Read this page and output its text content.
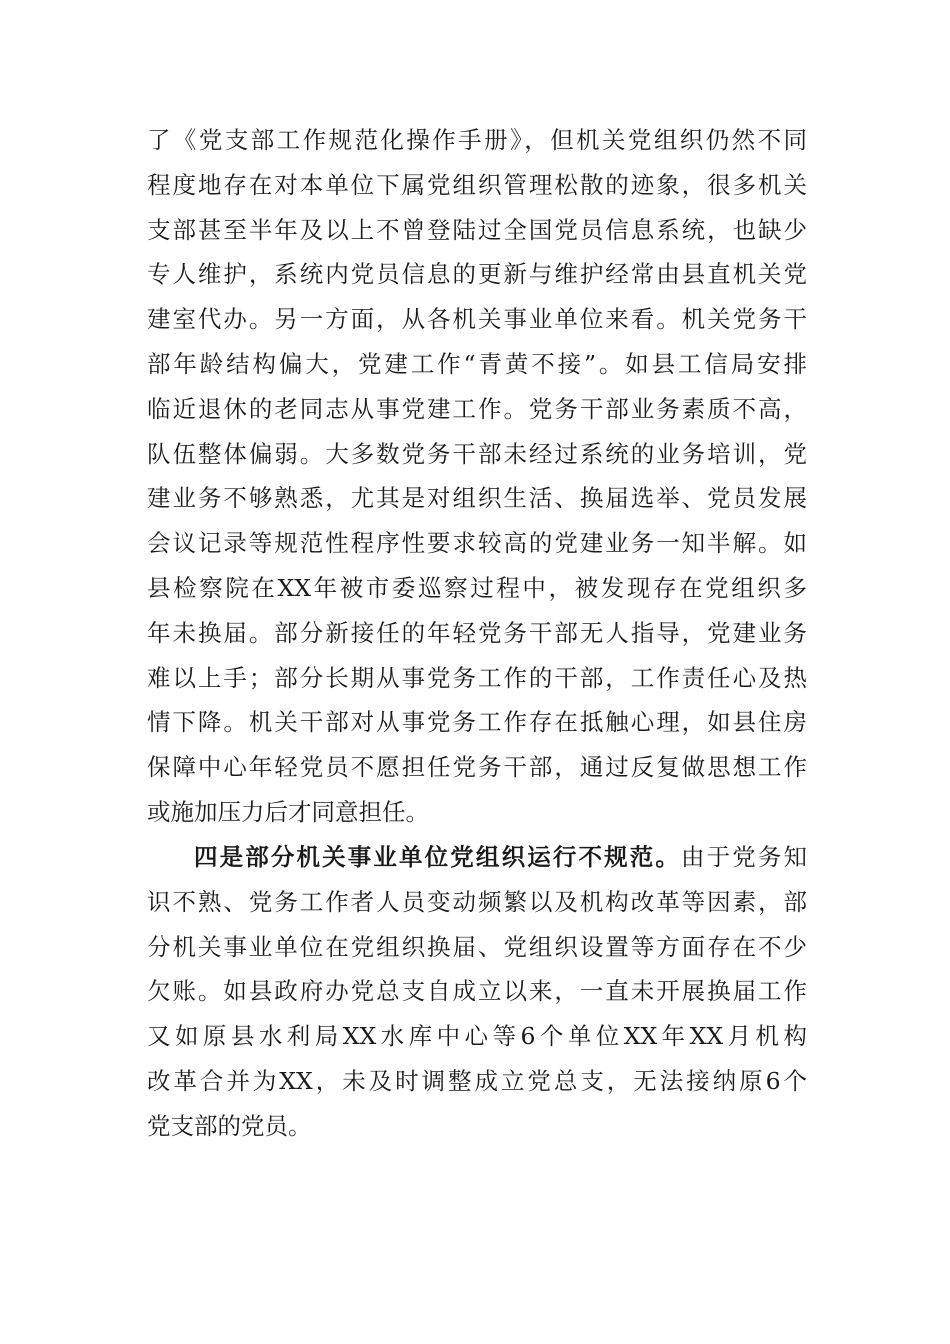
了《党支部工作规范化操作手册》，但机关党组织仍然不同
程度地存在对本单位下属党组织管理松散的迹象，很多机关
支部甚至半年及以上不曾登陆过全国党员信息系统，也缺少
专人维护，系统内党员信息的更新与维护经常由县直机关党
建室代办。另一方面，从各机关事业单位来看。机关党务干
部年龄结构偏大，党建工作“青黄不接”。如县工信局安排
临近退休的老同志从事党建工作。党务干部业务素质不高，
队伍整体偏弱。大多数党务干部未经过系统的业务培训，党
建业务不够熟悉，尤其是对组织生活、换届选举、党员发展
会议记录等规范性程序性要求较高的党建业务一知半解。如
县检察院在XX年被市委巡察过程中，被发现存在党组织多
年未换届。部分新接任的年轻党务干部无人指导，党建业务
难以上手；部分长期从事党务工作的干部，工作责任心及热
情下降。机关干部对从事党务工作存在抵触心理，如县住房
保障中心年轻党员不愿担任党务干部，通过反复做思想工作
或施加压力后才同意担任。
四是部分机关事业单位党组织运行不规范。由于党务知
识不熟、党务工作者人员变动频繁以及机构改革等因素，部
分机关事业单位在党组织换届、党组织设置等方面存在不少
欠账。如县政府办党总支自成立以来，一直未开展换届工作
又如原县水利局XX水库中心等6个单位XX年XX月机构
改革合并为XX，未及时调整成立党总支，无法接纳原6个
党支部的党员。
